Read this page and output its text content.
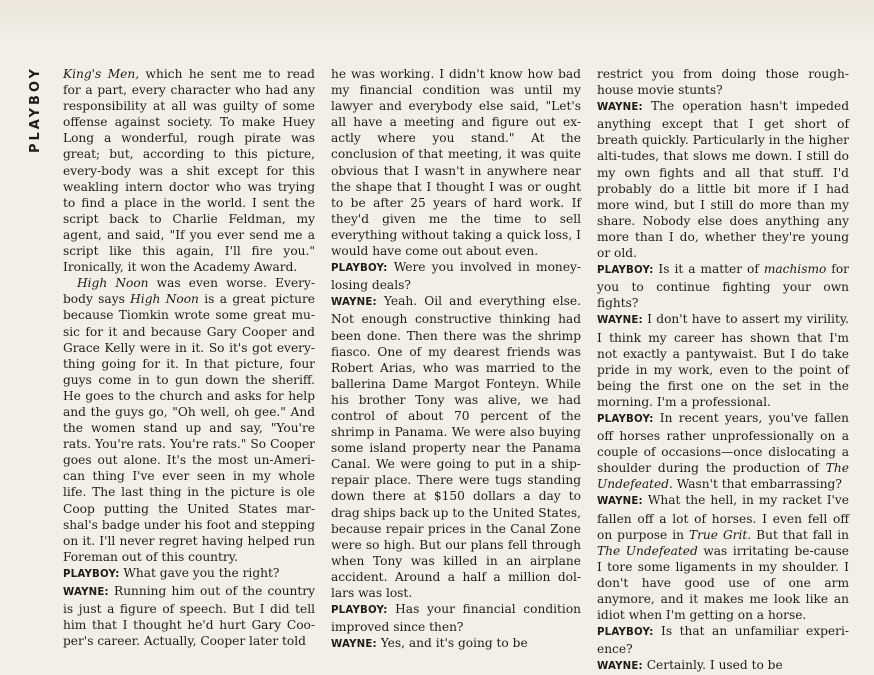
PLAYBOY	King's Men, which he sent me to read for a part, every character who had any responsibility at all was guilty of some offense against society. To make Huey Long a wonderful, rough pirate was great; but, according to this picture, every-body was a shit except for this weakling intern doctor who was trying to find a place in the world. I sent the script back to Charlie Feldman, my agent, and said, "If you ever send me a script like this again, I'll fire you." Ironically, it won the Academy Award.

High Noon was even worse. Every-body says High Noon is a great picture because Tiomkin wrote some great mu-sic for it and because Gary Cooper and Grace Kelly were in it. So it's got every-thing going for it. In that picture, four guys come in to gun down the sheriff. He goes to the church and asks for help and the guys go, "Oh well, oh gee." And the women stand up and say, "You're rats. You're rats. You're rats." So Cooper goes out alone. It's the most un-Ameri-can thing I've ever seen in my whole life. The last thing in the picture is ole Coop putting the United States mar-shal's badge under his foot and stepping on it. I'll never regret having helped run Foreman out of this country.

PLAYBOY: What gave you the right?

WAYNE: Running him out of the country is just a figure of speech. But I did tell him that I thought he'd hurt Gary Coo-per's career. Actually, Cooper later told

he was working. I didn't know how bad my financial condition was until my lawyer and everybody else said, "Let's all have a meeting and figure out ex-actly where you stand." At the conclusion of that meeting, it was quite obvious that I wasn't in anywhere near the shape that I thought I was or ought to be after 25 years of hard work. If they'd given me the time to sell everything without taking a quick loss, I would have come out about even.

PLAYBOY: Were you involved in money-losing deals?

WAYNE: Yeah. Oil and everything else. Not enough constructive thinking had been done. Then there was the shrimp fiasco. One of my dearest friends was Robert Arias, who was married to the ballerina Dame Margot Fonteyn. While his brother Tony was alive, we had control of about 70 percent of the shrimp in Panama. We were also buying some island property near the Panama Canal. We were going to put in a ship-repair place. There were tugs standing down there at $150 dollars a day to drag ships back up to the United States, because repair prices in the Canal Zone were so high. But our plans fell through when Tony was killed in an airplane accident. Around a half a million dol-lars was lost.

PLAYBOY: Has your financial condition improved since then?

WAYNE: Yes, and it's going to be

restrict you from doing those rough-house movie stunts?

WAYNE: The operation hasn't impeded anything except that I get short of breath quickly. Particularly in the higher alti-tudes, that slows me down. I still do my own fights and all that stuff. I'd probably do a little bit more if I had more wind, but I still do more than my share. Nobody else does anything any more than I do, whether they're young or old.

PLAYBOY: Is it a matter of machismo for you to continue fighting your own fights?

WAYNE: I don't have to assert my virility. I think my career has shown that I'm not exactly a pantywaist. But I do take pride in my work, even to the point of being the first one on the set in the morning. I'm a professional.

PLAYBOY: In recent years, you've fallen off horses rather unprofessionally on a couple of occasions—once dislocating a shoulder during the production of The Undefeated. Wasn't that embarrassing?

WAYNE: What the hell, in my racket I've fallen off a lot of horses. I even fell off on purpose in True Grit. But that fall in The Undefeated was irritating be-cause I tore some ligaments in my shoulder. I don't have good use of one arm anymore, and it makes me look like an idiot when I'm getting on a horse.

PLAYBOY: Is that an unfamiliar experi-ence?

WAYNE: Certainly. I used to be
